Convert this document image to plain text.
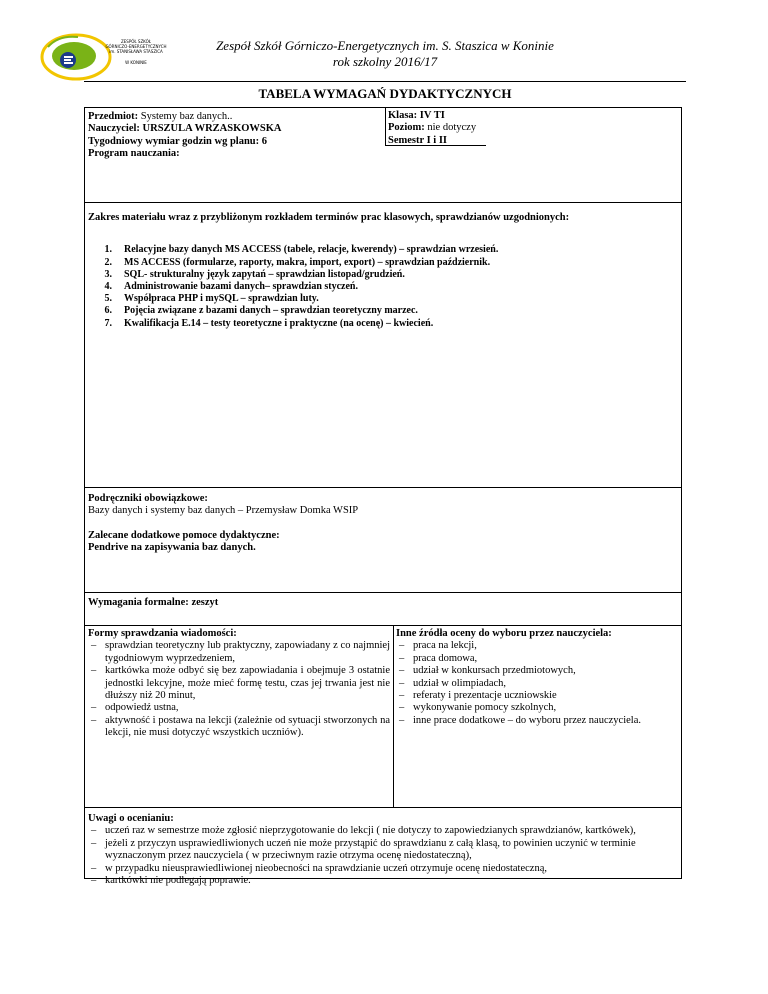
ZESPÓŁ SZKÓŁ
GÓRNICZO-ENERGETYCZNYCH
im. STANISŁAWA STASZICA
W KONINIE
Zespół Szkół Górniczo-Energetycznych im. S. Staszica w Koninie
rok szkolny 2016/17
TABELA WYMAGAŃ DYDAKTYCZNYCH
Przedmiot: Systemy baz danych..
Nauczyciel: URSZULA WRZASKOWSKA
Tygodniowy wymiar godzin wg planu: 6
Program nauczania:
Klasa: IV TI
Poziom: nie dotyczy
Semestr I i II
Zakres materiału wraz z przybliżonym rozkładem terminów prac klasowych, sprawdzianów uzgodnionych:
1.	Relacyjne bazy danych MS ACCESS (tabele, relacje, kwerendy) – sprawdzian wrzesień.
2.	MS ACCESS (formularze, raporty, makra, import, export) – sprawdzian październik.
3.	SQL- strukturalny język zapytań – sprawdzian listopad/grudzień.
4.	Administrowanie bazami danych– sprawdzian styczeń.
5.	Współpraca PHP i mySQL – sprawdzian luty.
6.	Pojęcia związane z bazami danych – sprawdzian teoretyczny marzec.
7.	Kwalifikacja E.14 – testy teoretyczne i praktyczne (na ocenę) – kwiecień.
Podręczniki obowiązkowe:
Bazy danych i systemy baz danych – Przemysław Domka WSIP
Zalecane dodatkowe pomoce dydaktyczne:
Pendrive na zapisywania baz danych.
Wymagania formalne: zeszyt
Formy sprawdzania wiadomości:
– sprawdzian teoretyczny lub praktyczny, zapowiadany z co najmniej tygodniowym wyprzedzeniem,
– kartkówka może odbyć się bez zapowiadania i obejmuje 3 ostatnie jednostki lekcyjne, może mieć formę testu, czas jej trwania jest nie dłuższy niż 20 minut,
– odpowiedź ustna,
– aktywność i postawa na lekcji (zależnie od sytuacji stworzonych na lekcji, nie musi dotyczyć wszystkich uczniów).
Inne źródła oceny do wyboru przez nauczyciela:
– praca na lekcji,
– praca domowa,
– udział w konkursach przedmiotowych,
– udział w olimpiadach,
– referaty i prezentacje uczniowskie
– wykonywanie pomocy szkolnych,
– inne prace dodatkowe – do wyboru przez nauczyciela.
Uwagi o ocenianiu:
– uczeń raz w semestrze może zgłosić nieprzygotowanie do lekcji ( nie dotyczy to zapowiedzianych sprawdzianów, kartkówek),
– jeżeli z przyczyn usprawiedliwionych uczeń nie może przystąpić do sprawdzianu z całą klasą, to powinien uczynić w terminie wyznaczonym przez nauczyciela ( w przeciwnym razie otrzyma ocenę niedostateczną),
– w przypadku nieusprawiedliwionej nieobecności na sprawdzianie uczeń otrzymuje ocenę niedostateczną,
– kartkówki nie podlegają poprawie.
